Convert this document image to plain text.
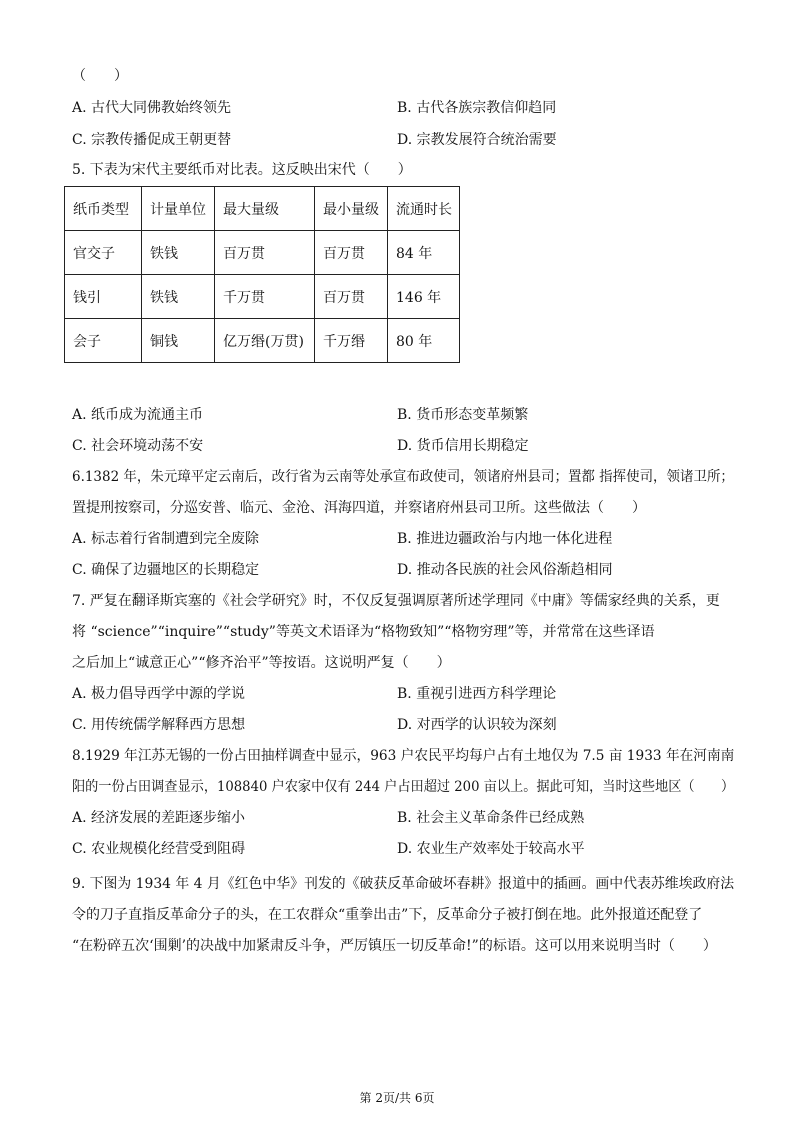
（　　）
A. 古代大同佛教始终领先	B. 古代各族宗教信仰趋同
C. 宗教传播促成王朝更替	D. 宗教发展符合统治需要
5. 下表为宋代主要纸币对比表。这反映出宋代（　　）
纸币类型	计量单位	最大量级	最小量级	流通时长
官交子	铁钱	百万贯	百万贯	84 年
钱引	铁钱	千万贯	百万贯	146 年
会子	铜钱	亿万缗(万贯)	千万缗	80 年
A. 纸币成为流通主币	B. 货币形态变革频繁
C. 社会环境动荡不安	D. 货币信用长期稳定
6.1382 年，朱元璋平定云南后，改行省为云南等处承宣布政使司，领诸府州县司；置都 指挥使司，领诸卫所；
置提刑按察司，分巡安普、临元、金沧、洱海四道，并察诸府州县司卫所。这些做法（　　）
A. 标志着行省制遭到完全废除	B. 推进边疆政治与内地一体化进程
C. 确保了边疆地区的长期稳定	D. 推动各民族的社会风俗渐趋相同
7. 严复在翻译斯宾塞的《社会学研究》时，不仅反复强调原著所述学理同《中庸》等儒家经典的关系，更
将 “science”“inquire”“study”等英文术语译为“格物致知”“格物穷理”等，并常常在这些译语
之后加上“诚意正心”“修齐治平”等按语。这说明严复（　　）
A. 极力倡导西学中源的学说	B. 重视引进西方科学理论
C. 用传统儒学解释西方思想	D. 对西学的认识较为深刻
8.1929 年江苏无锡的一份占田抽样调查中显示，963 户农民平均每户占有土地仅为 7.5 亩 1933 年在河南南
阳的一份占田调查显示，108840 户农家中仅有 244 户占田超过 200 亩以上。据此可知，当时这些地区（　　）
A. 经济发展的差距逐步缩小	B. 社会主义革命条件已经成熟
C. 农业规模化经营受到阻碍	D. 农业生产效率处于较高水平
9. 下图为 1934 年 4 月《红色中华》刊发的《破获反革命破坏春耕》报道中的插画。画中代表苏维埃政府法
令的刀子直指反革命分子的头，在工农群众“重拳出击”下，反革命分子被打倒在地。此外报道还配登了
“在粉碎五次‘围剿’的决战中加紧肃反斗争，严厉镇压一切反革命!”的标语。这可以用来说明当时（　　）
第 2页/共 6页
